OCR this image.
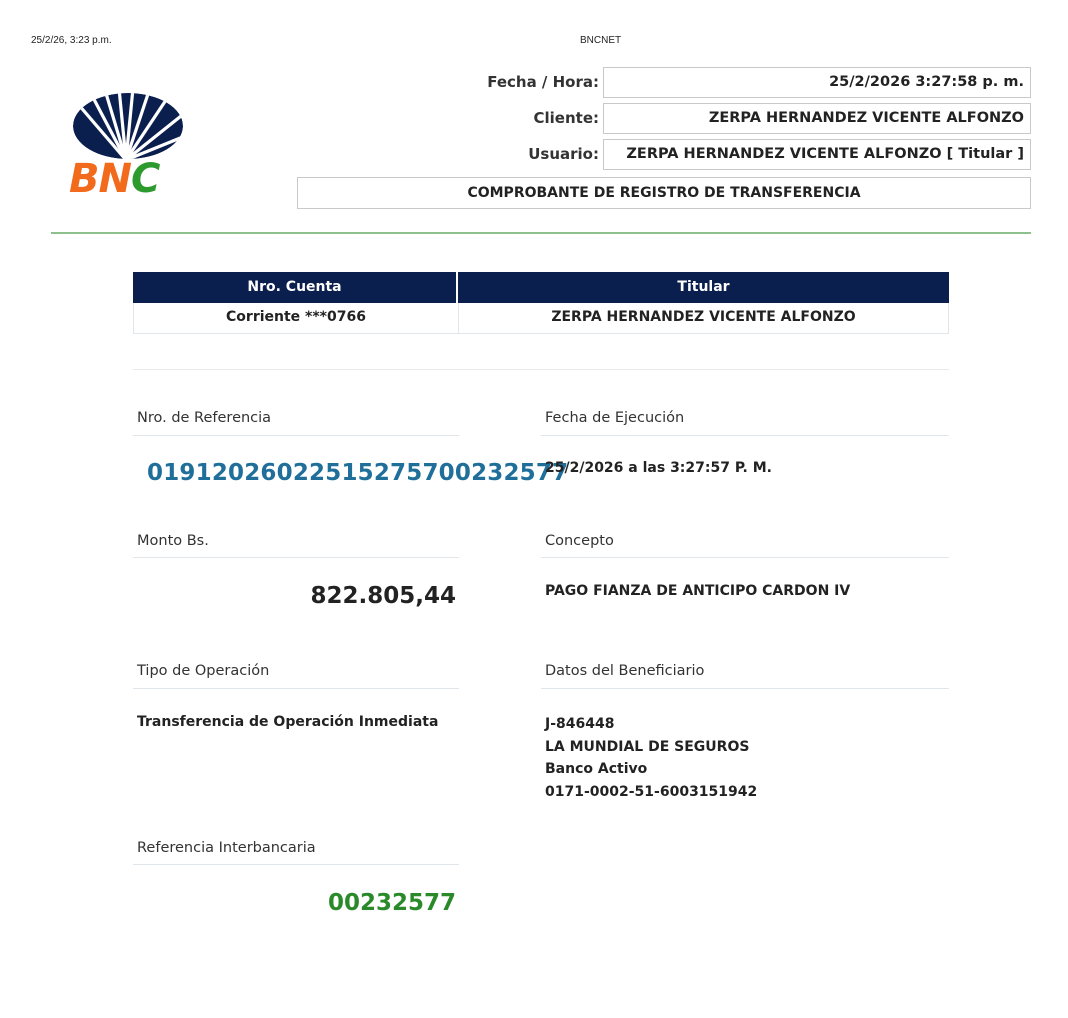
25/2/26, 3:23 p.m.	BNCNET
BNC
Fecha / Hora:	25/2/2026 3:27:58 p. m.
Cliente:	ZERPA HERNANDEZ VICENTE ALFONZO
Usuario:	ZERPA HERNANDEZ VICENTE ALFONZO [ Titular ]
COMPROBANTE DE REGISTRO DE TRANSFERENCIA
Nro. Cuenta	Titular
Corriente ***0766	ZERPA HERNANDEZ VICENTE ALFONZO
Nro. de Referencia
01912026022515275700232577
Fecha de Ejecución
25/2/2026 a las 3:27:57 P. M.
Monto Bs.
822.805,44
Concepto
PAGO FIANZA DE ANTICIPO CARDON IV
Tipo de Operación
Transferencia de Operación Inmediata
Datos del Beneficiario
J-846448
LA MUNDIAL DE SEGUROS
Banco Activo
0171-0002-51-6003151942
Referencia Interbancaria
00232577
